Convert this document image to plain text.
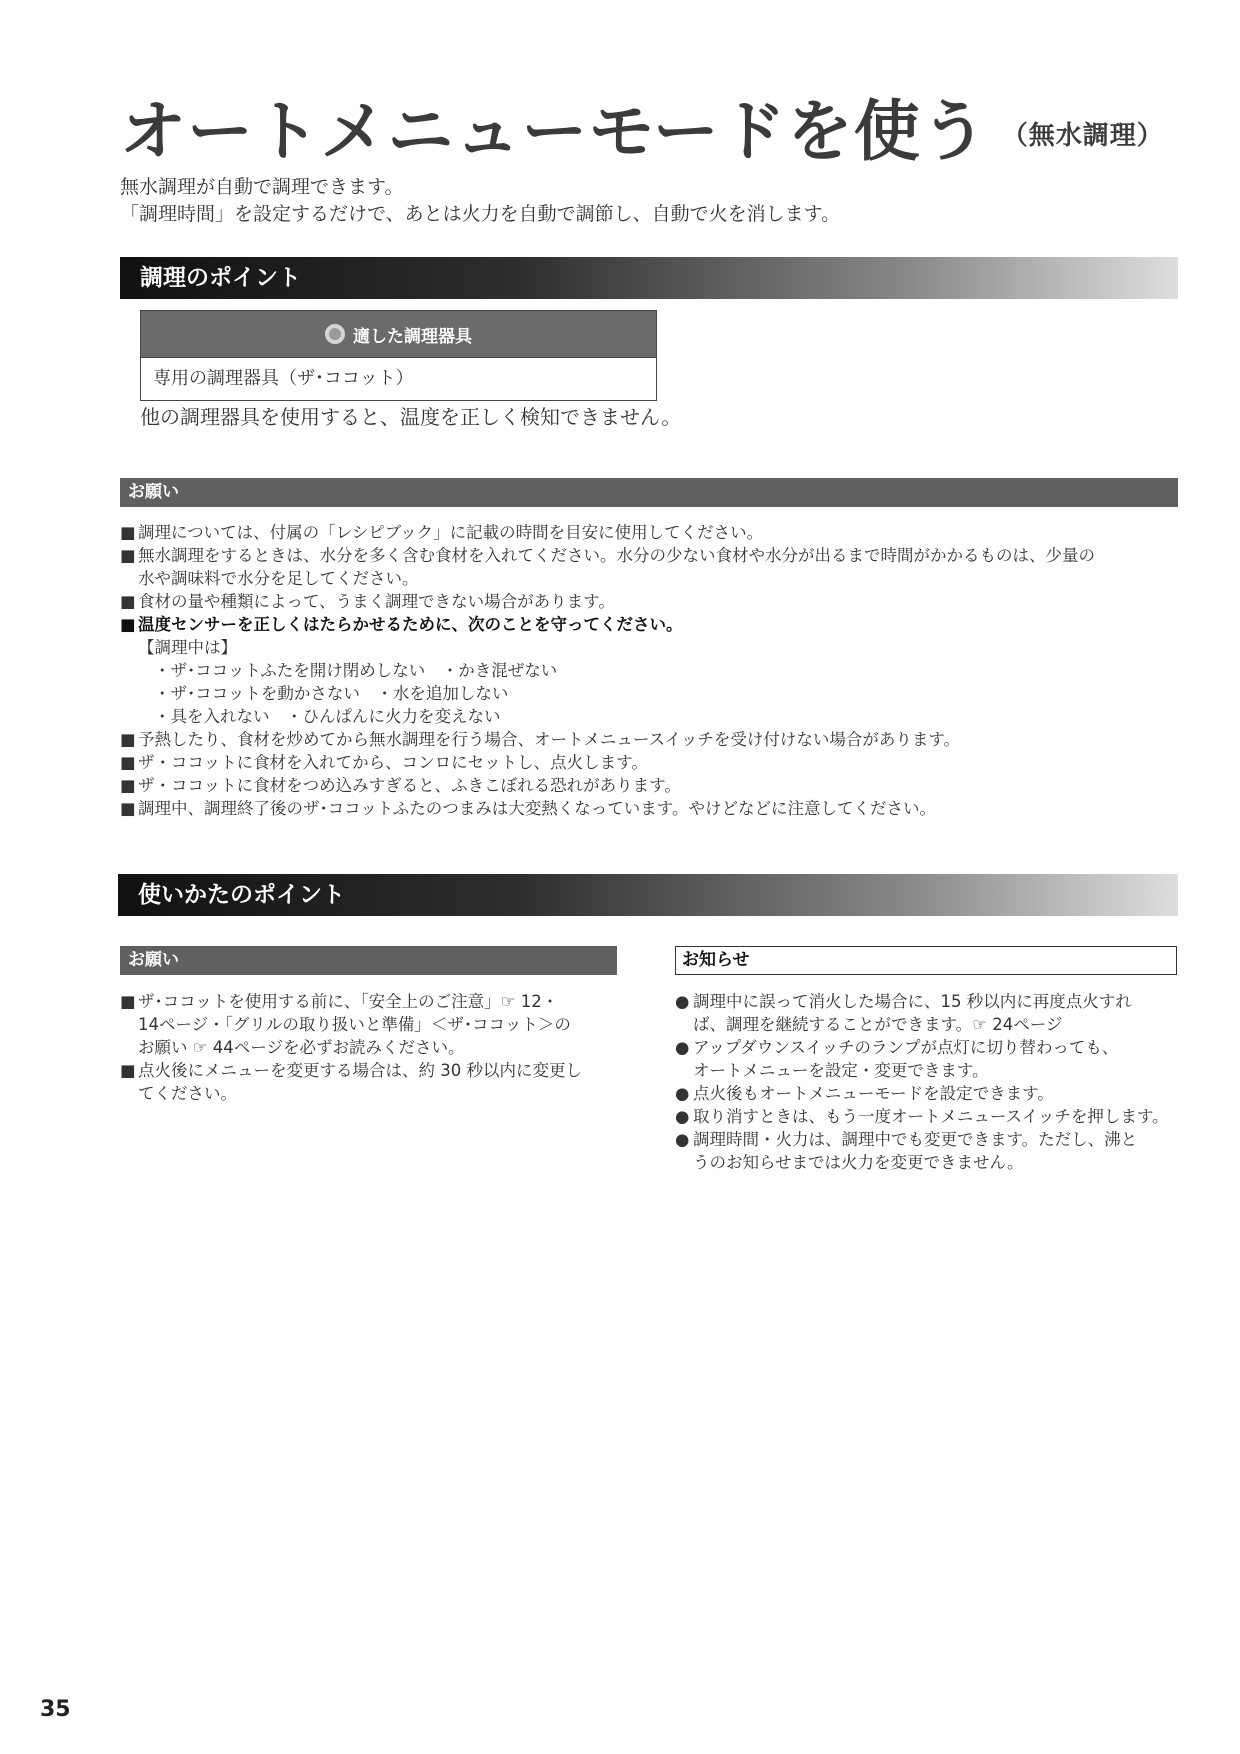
オートメニューモードを使う $^{(無水調理)}$
無水調理が自動で調理できます。
「調理時間」を設定するだけで、あとは火力を自動で調節し、自動で火を消します。
調理のポイント
適した調理器具
専用の調理器具（ザ･ココット）
他の調理器具を使用すると、温度を正しく検知できません。
お願い
■ 調理については、付属の「レシピブック」に記載の時間を目安に使用してください。
■ 無水調理をするときは、水分を多く含む食材を入れてください。水分の少ない食材や水分が出るまで時間がかかるものは、少量の
水や調味料で水分を足してください。
■ 食材の量や種類によって、うまく調理できない場合があります。
■ 温度センサーを正しくはたらかせるために、次のことを守ってください。
【調理中は】
・ザ･ココットふたを開け閉めしない　・かき混ぜない
・ザ･ココットを動かさない　・水を追加しない
・具を入れない　・ひんぱんに火力を変えない
■ 予熱したり、食材を炒めてから無水調理を行う場合、オートメニュースイッチを受け付けない場合があります。
■ ザ・ココットに食材を入れてから、コンロにセットし、点火します。
■ ザ・ココットに食材をつめ込みすぎると、ふきこぼれる恐れがあります。
■ 調理中、調理終了後のザ･ココットふたのつまみは大変熱くなっています。やけどなどに注意してください。
使いかたのポイント
お願い
■ ザ･ココットを使用する前に、「安全上のご注意」☞ 12・
14ページ・「グリルの取り扱いと準備」＜ザ･ココット＞の
お願い ☞ 44ページを必ずお読みください。
■ 点火後にメニューを変更する場合は、約 30 秒以内に変更し
てください。
お知らせ
● 調理中に誤って消火した場合に、15 秒以内に再度点火すれ
ば、調理を継続することができます。☞ 24ページ
● アップダウンスイッチのランプが点灯に切り替わっても、
オートメニューを設定・変更できます。
● 点火後もオートメニューモードを設定できます。
● 取り消すときは、もう一度オートメニュースイッチを押します。
● 調理時間・火力は、調理中でも変更できます。ただし、沸と
うのお知らせまでは火力を変更できません。
35
